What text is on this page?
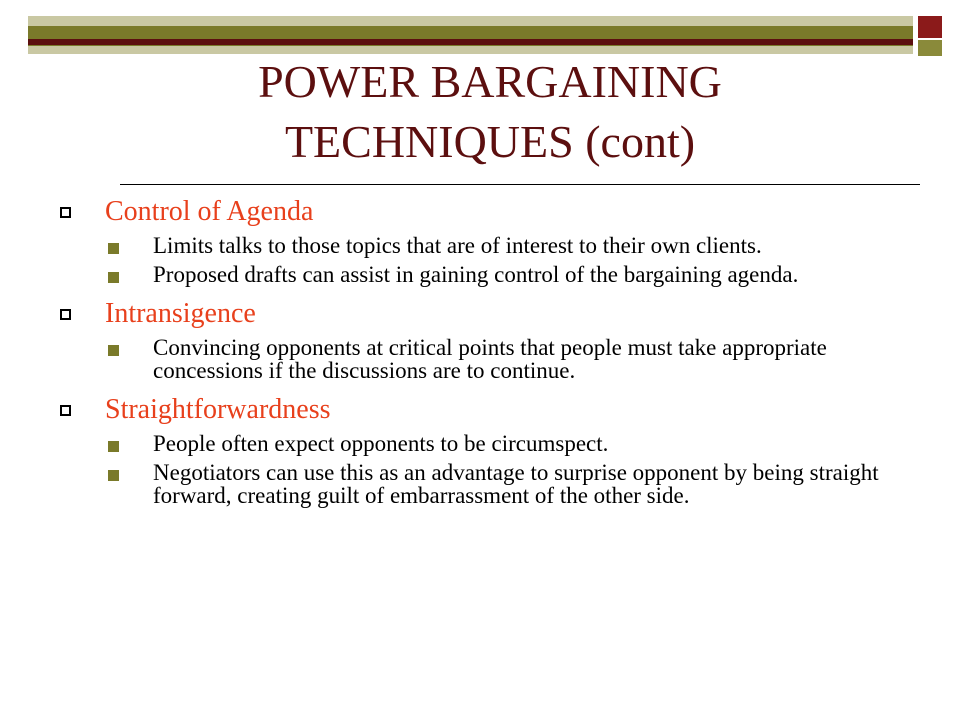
POWER BARGAINING
TECHNIQUES (cont)
Control of Agenda
Limits talks to those topics that are of interest to their own clients.
Proposed drafts can assist in gaining control of the bargaining agenda.
Intransigence
Convincing opponents at critical points that people must take appropriate concessions if the discussions are to continue.
Straightforwardness
People often expect opponents to be circumspect.
Negotiators can use this as an advantage to surprise opponent by being straight forward, creating guilt of embarrassment of the other side.
